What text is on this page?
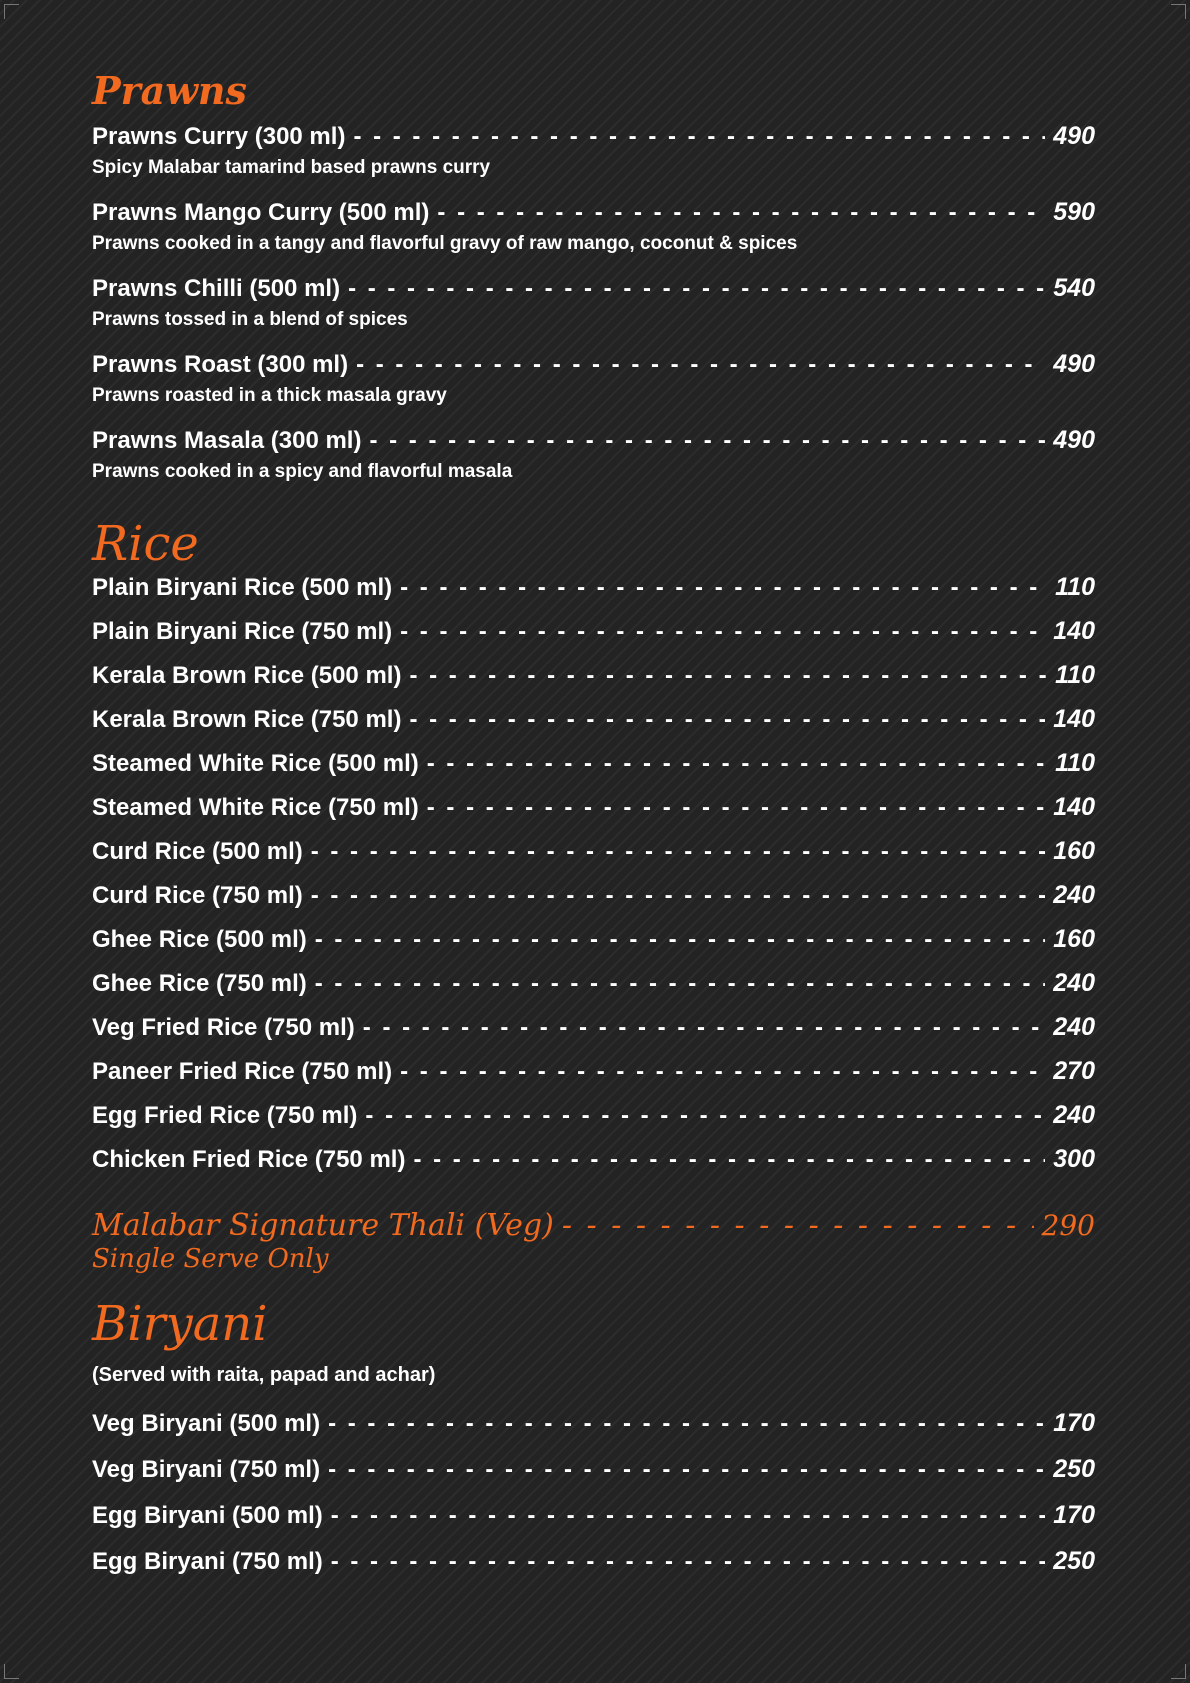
Prawns
Prawns Curry (300 ml) - - -	490
Spicy Malabar tamarind based prawns curry
Prawns Mango Curry (500 ml) - - -	590
Prawns cooked in a tangy and flavorful gravy of raw mango, coconut & spices
Prawns Chilli (500 ml) - - -	540
Prawns tossed in a blend of spices
Prawns Roast (300 ml) - - -	490
Prawns roasted in a thick masala gravy
Prawns Masala (300 ml) - - -	490
Prawns cooked in a spicy and flavorful masala
Rice
Plain Biryani Rice (500 ml) - - -	110
Plain Biryani Rice (750 ml) - - -	140
Kerala Brown Rice (500 ml) - - -	110
Kerala Brown Rice (750 ml) - - -	140
Steamed White Rice (500 ml) - - -	110
Steamed White Rice (750 ml) - - -	140
Curd Rice (500 ml) - - -	160
Curd Rice (750 ml) - - -	240
Ghee Rice (500 ml) - - -	160
Ghee Rice (750 ml) - - -	240
Veg Fried Rice (750 ml) - - -	240
Paneer Fried Rice (750 ml) - - -	270
Egg Fried Rice (750 ml) - - -	240
Chicken Fried Rice (750 ml) - - -	300
Malabar Signature Thali (Veg) - - -	290
Single Serve Only
Biryani
(Served with raita, papad and achar)
Veg Biryani (500 ml) - - -	170
Veg Biryani (750 ml) - - -	250
Egg Biryani (500 ml) - - -	170
Egg Biryani (750 ml) - - -	250
